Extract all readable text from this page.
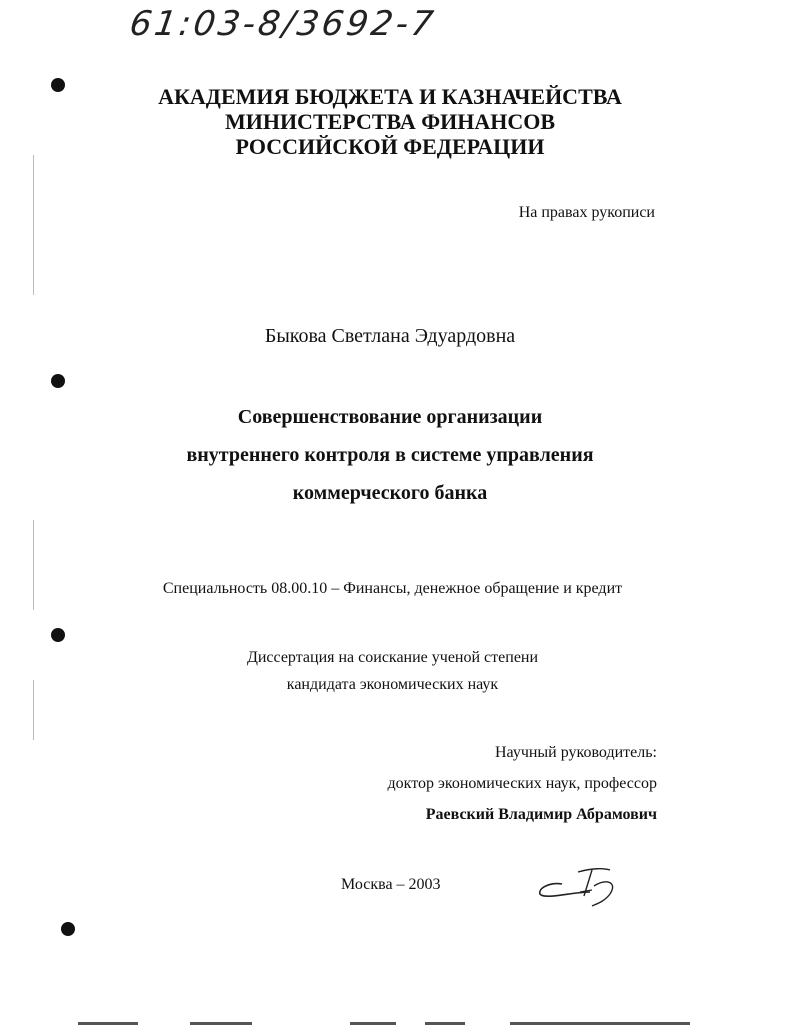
61:03-8/3692-7
АКАДЕМИЯ БЮДЖЕТА И КАЗНАЧЕЙСТВА
МИНИСТЕРСТВА ФИНАНСОВ
РОССИЙСКОЙ ФЕДЕРАЦИИ
На правах рукописи
Быкова Светлана Эдуардовна
Совершенствование организации
внутреннего контроля в системе управления
коммерческого банка
Специальность 08.00.10 – Финансы, денежное обращение и кредит
Диссертация на соискание ученой степени
кандидата экономических наук
Научный руководитель:
доктор экономических наук, профессор
Раевский Владимир Абрамович
Москва – 2003
